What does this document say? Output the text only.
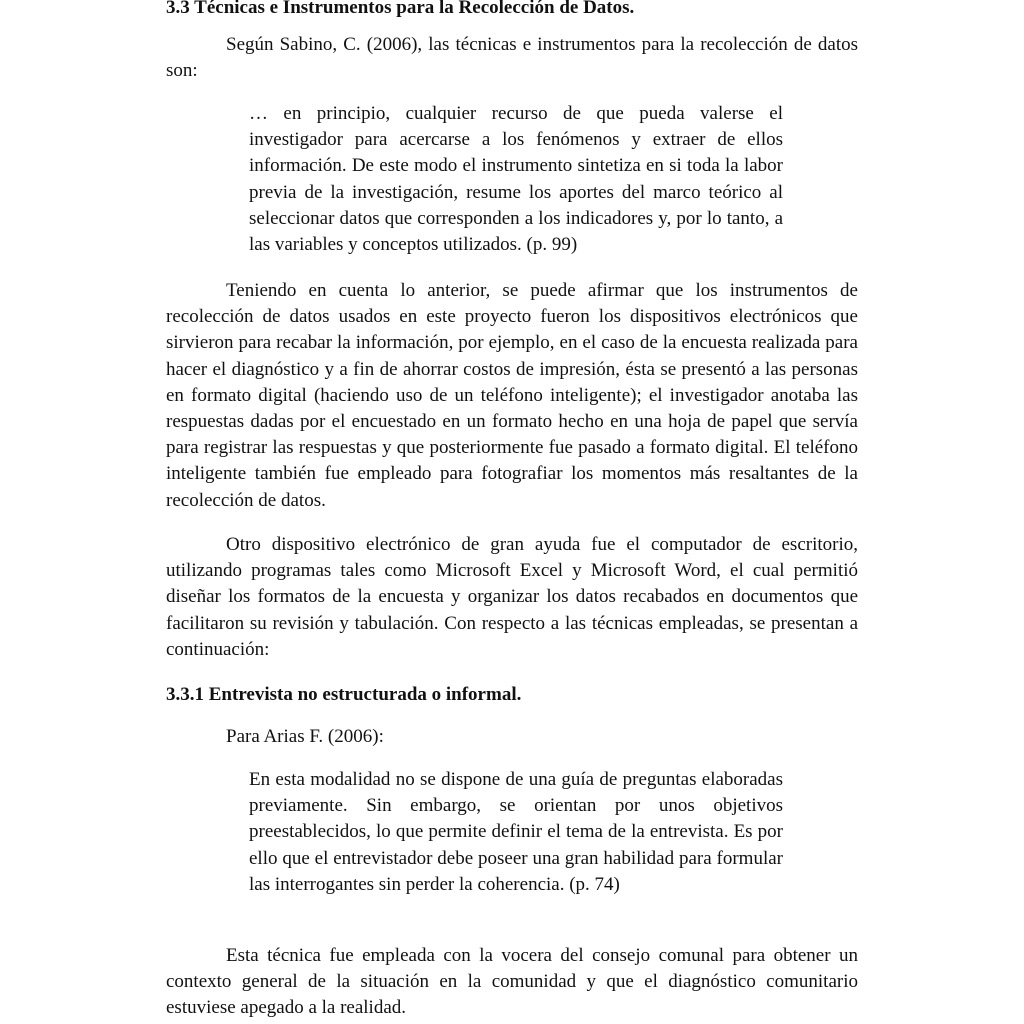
3.3 Técnicas e Instrumentos para la Recolección de Datos.

Según Sabino, C. (2006), las técnicas e instrumentos para la recolección de datos son:

… en principio, cualquier recurso de que pueda valerse el investigador para acercarse a los fenómenos y extraer de ellos información. De este modo el instrumento sintetiza en si toda la labor previa de la investigación, resume los aportes del marco teórico al seleccionar datos que corresponden a los indicadores y, por lo tanto, a las variables y conceptos utilizados. (p. 99)

Teniendo en cuenta lo anterior, se puede afirmar que los instrumentos de recolección de datos usados en este proyecto fueron los dispositivos electrónicos que sirvieron para recabar la información, por ejemplo, en el caso de la encuesta realizada para hacer el diagnóstico y a fin de ahorrar costos de impresión, ésta se presentó a las personas en formato digital (haciendo uso de un teléfono inteligente); el investigador anotaba las respuestas dadas por el encuestado en un formato hecho en una hoja de papel que servía para registrar las respuestas y que posteriormente fue pasado a formato digital. El teléfono inteligente también fue empleado para fotografiar los momentos más resaltantes de la recolección de datos.

Otro dispositivo electrónico de gran ayuda fue el computador de escritorio, utilizando programas tales como Microsoft Excel y Microsoft Word, el cual permitió diseñar los formatos de la encuesta y organizar los datos recabados en documentos que facilitaron su revisión y tabulación. Con respecto a las técnicas empleadas, se presentan a continuación:

3.3.1 Entrevista no estructurada o informal.

Para Arias F. (2006):

En esta modalidad no se dispone de una guía de preguntas elaboradas previamente. Sin embargo, se orientan por unos objetivos preestablecidos, lo que permite definir el tema de la entrevista. Es por ello que el entrevistador debe poseer una gran habilidad para formular las interrogantes sin perder la coherencia. (p. 74)

Esta técnica fue empleada con la vocera del consejo comunal para obtener un contexto general de la situación en la comunidad y que el diagnóstico comunitario estuviese apegado a la realidad.
